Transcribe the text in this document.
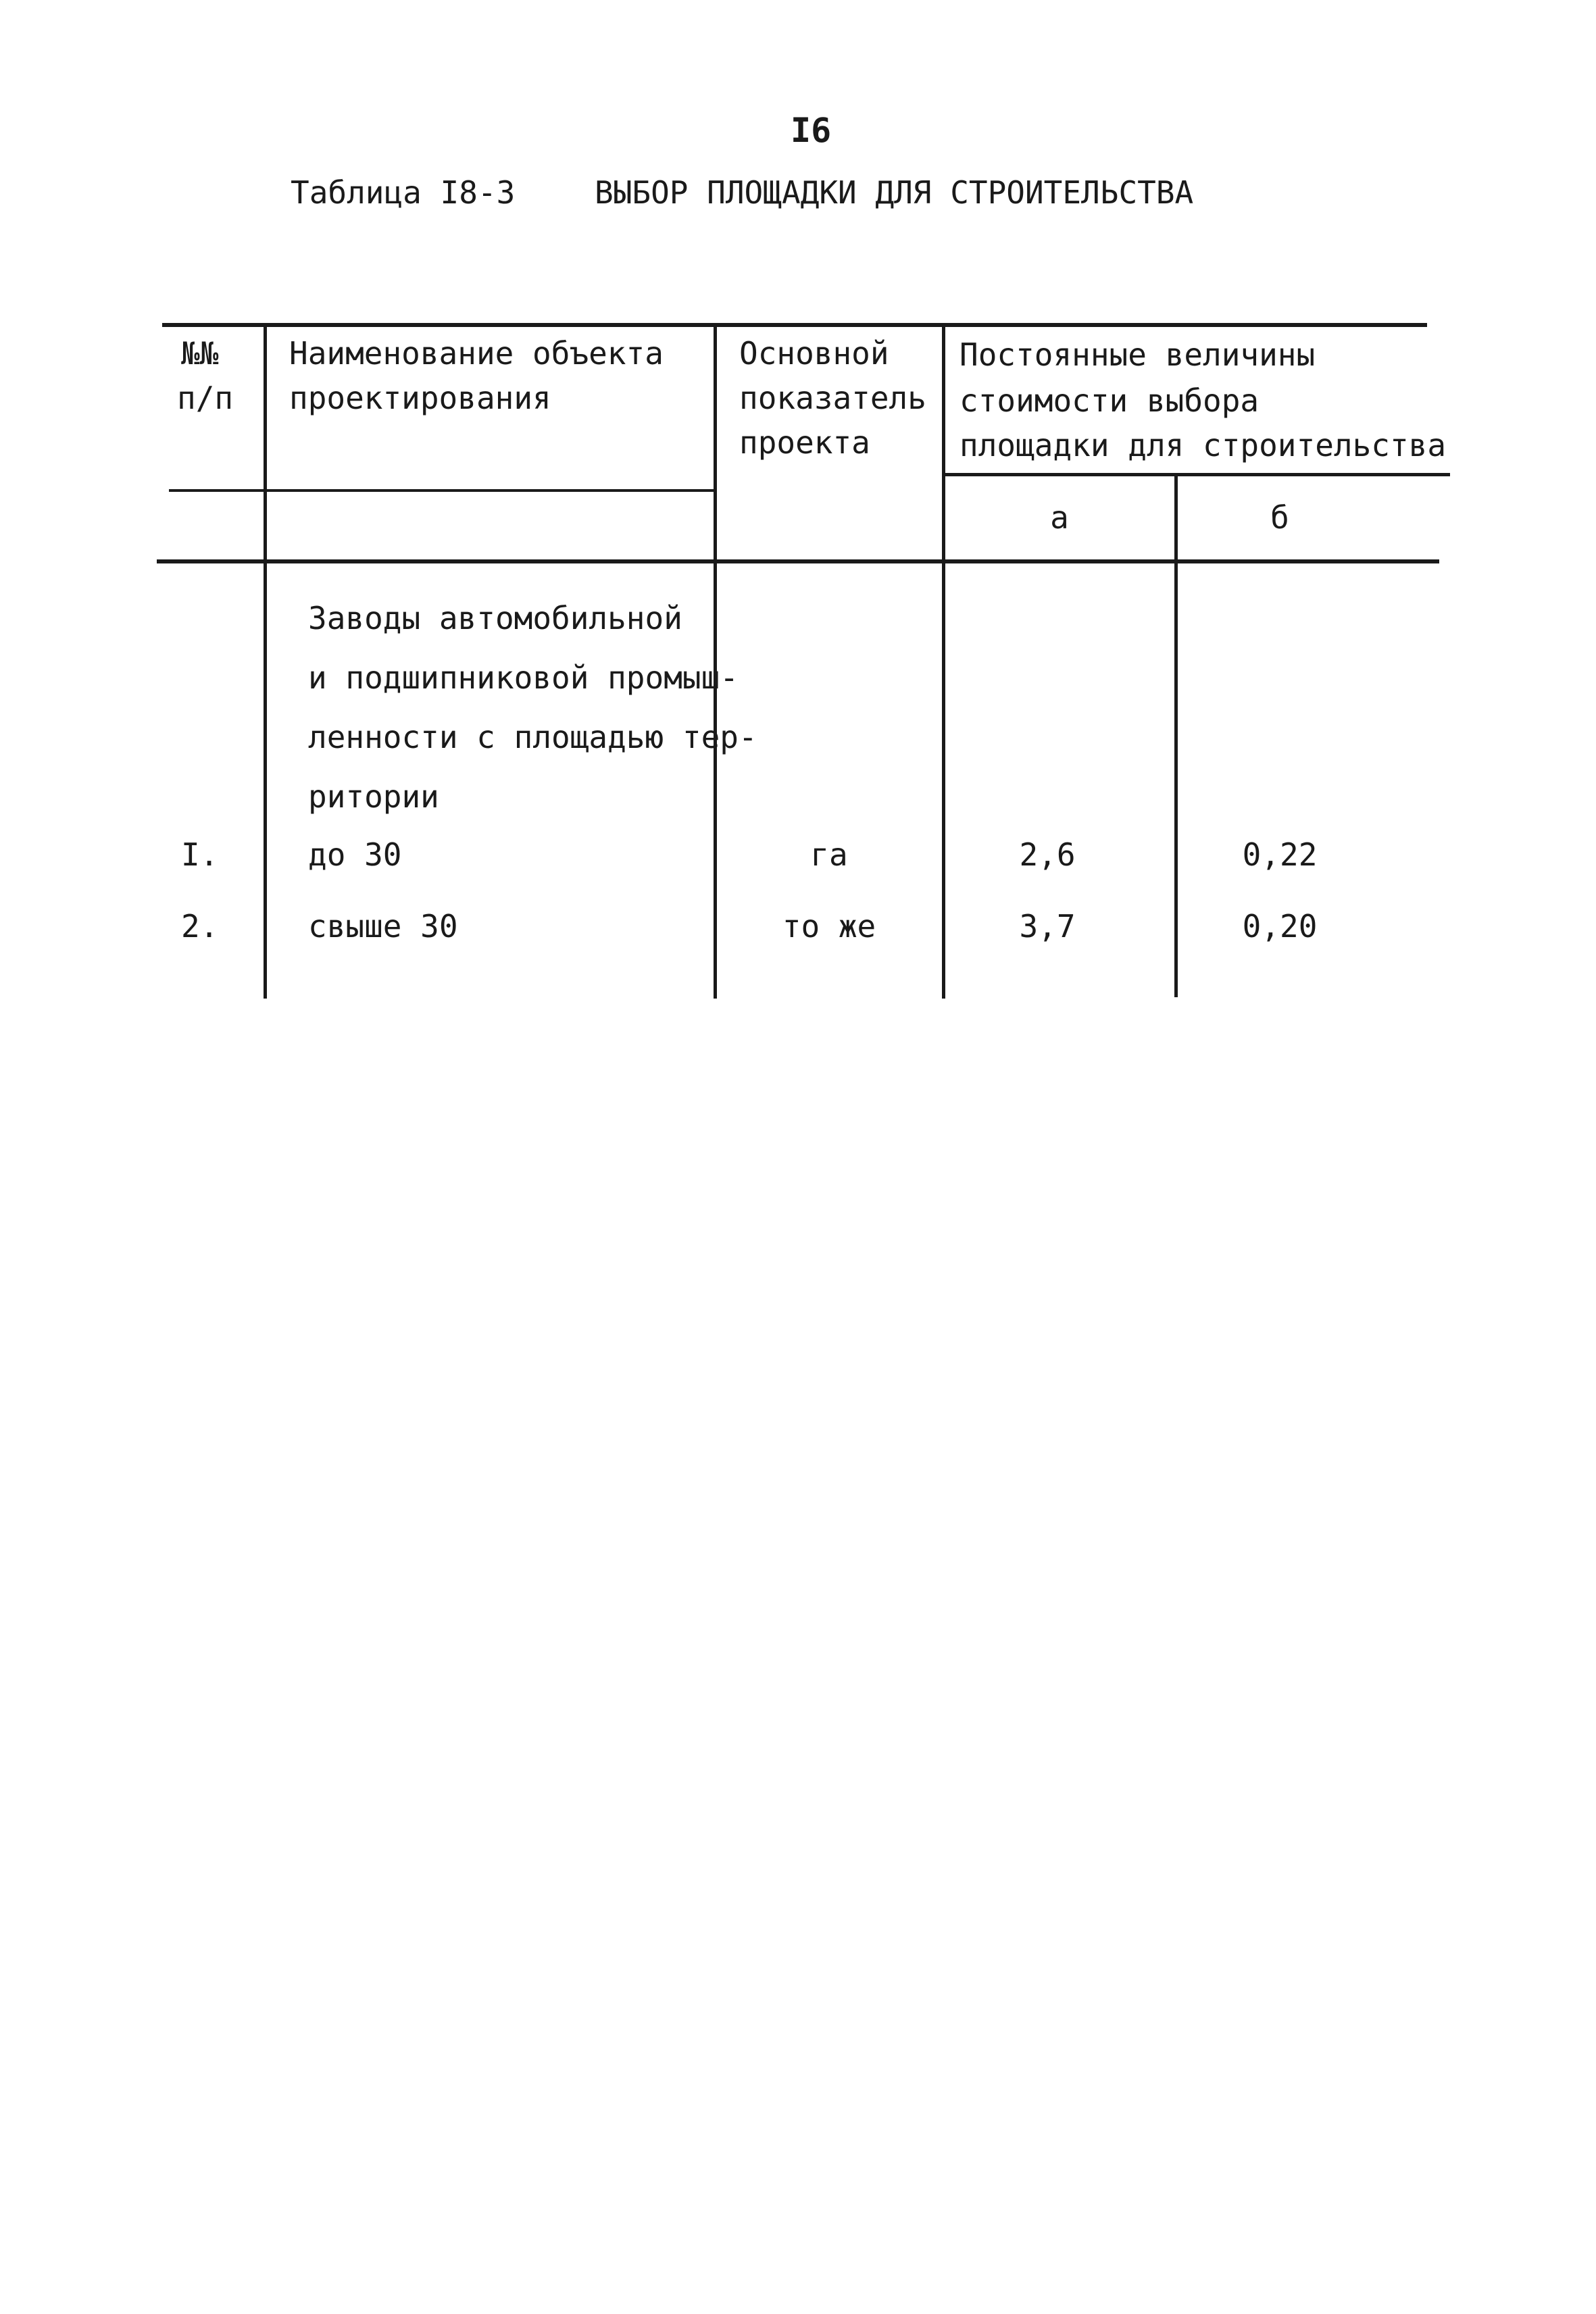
I6
Таблица I8-3	ВЫБОР ПЛОЩАДКИ ДЛЯ СТРОИТЕЛЬСТВА
№№
п/п
Наименование объекта
проектирования
Основной
показатель
проекта
Постоянные величины
стоимости выбора
площадки для строительства
а	б
Заводы автомобильной
и подшипниковой промыш-
ленности с площадью тер-
ритории
I.	до 30	га	2,6	0,22
2.	свыше 30	то же	3,7	0,20
